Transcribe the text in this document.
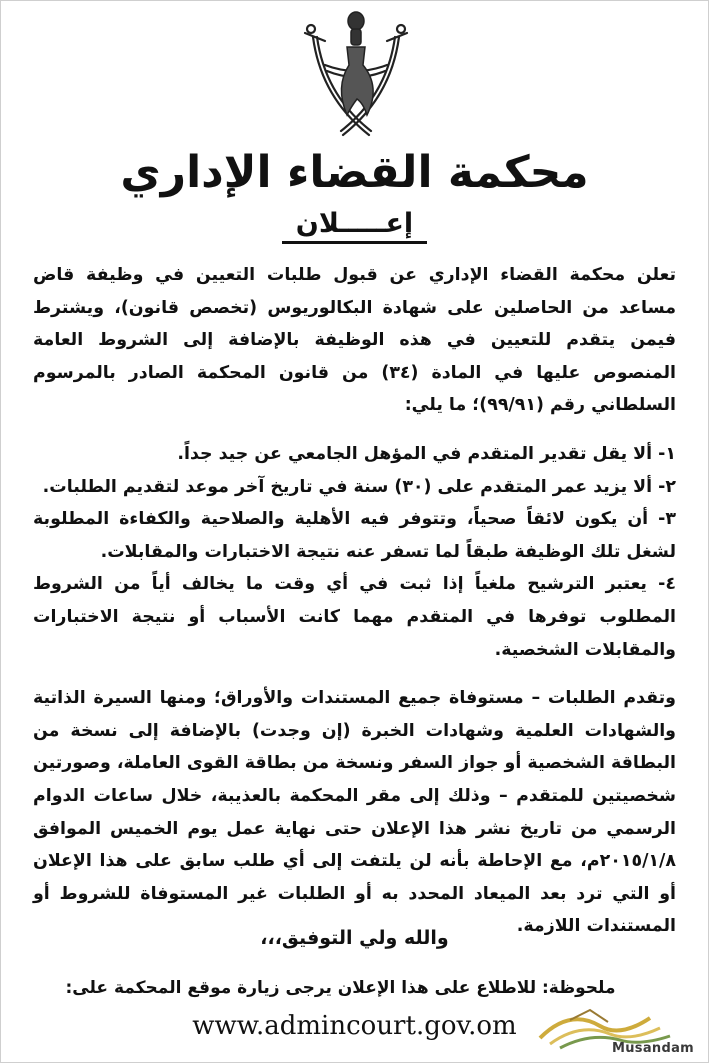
محكمة القضاء الإداري
إعـــــلان

تعلن محكمة القضاء الإداري عن قبول طلبات التعيين في وظيفة قاض مساعد من الحاصلين على شهادة البكالوريوس (تخصص قانون)، ويشترط فيمن يتقدم للتعيين في هذه الوظيفة بالإضافة إلى الشروط العامة المنصوص عليها في المادة (٣٤) من قانون المحكمة الصادر بالمرسوم السلطاني رقم (٩٩/٩١)؛ ما يلي:

١- ألا يقل تقدير المتقدم في المؤهل الجامعي عن جيد جداً.

٢- ألا يزيد عمر المتقدم على (٣٠) سنة في تاريخ آخر موعد لتقديم الطلبات.

٣- أن يكون لائقاً صحياً، وتتوفر فيه الأهلية والصلاحية والكفاءة المطلوبة لشغل تلك الوظيفة طبقاً لما تسفر عنه نتيجة الاختبارات والمقابلات.

٤- يعتبر الترشيح ملغياً إذا ثبت في أي وقت ما يخالف أياً من الشروط المطلوب توفرها في المتقدم مهما كانت الأسباب أو نتيجة الاختبارات والمقابلات الشخصية.

وتقدم الطلبات – مستوفاة جميع المستندات والأوراق؛ ومنها السيرة الذاتية والشهادات العلمية وشهادات الخبرة (إن وجدت) بالإضافة إلى نسخة من البطاقة الشخصية أو جواز السفر ونسخة من بطاقة القوى العاملة، وصورتين شخصيتين للمتقدم – وذلك إلى مقر المحكمة بالعذيبة، خلال ساعات الدوام الرسمي من تاريخ نشر هذا الإعلان حتى نهاية عمل يوم الخميس الموافق ٢٠١٥/١/٨م، مع الإحاطة بأنه لن يلتفت إلى أي طلب سابق على هذا الإعلان أو التي ترد بعد الميعاد المحدد به أو الطلبات غير المستوفاة للشروط أو المستندات اللازمة.

والله ولي التوفيق،،،
ملحوظة: للاطلاع على هذا الإعلان يرجى زيارة موقع المحكمة على:
www.admincourt.gov.om
Musandam
